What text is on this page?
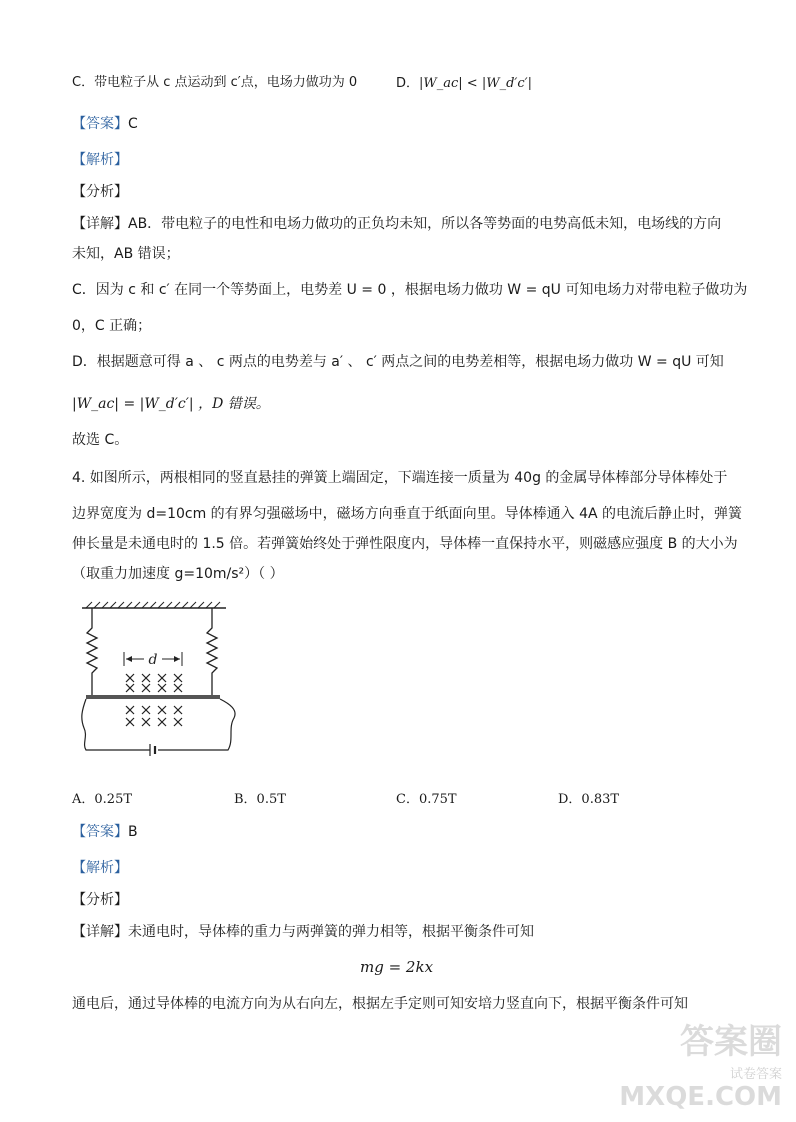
C．带电粒子从 c 点运动到 c′点，电场力做功为 0	D．|W_ac| < |W_d′c′|
【答案】C
【解析】
【分析】
【详解】AB．带电粒子的电性和电场力做功的正负均未知，所以各等势面的电势高低未知，电场线的方向
未知，AB 错误；
C．因为 c 和 c′ 在同一个等势面上，电势差 U = 0 ，根据电场力做功 W = qU 可知电场力对带电粒子做功为
0，C 正确；
D．根据题意可得 a 、 c 两点的电势差与 a′ 、 c′ 两点之间的电势差相等，根据电场力做功 W = qU 可知
|W_ac| = |W_d′c′| ，D 错误。
故选 C。
4. 如图所示，两根相同的竖直悬挂的弹簧上端固定，下端连接一质量为 40g 的金属导体棒部分导体棒处于
边界宽度为 d=10cm 的有界匀强磁场中，磁场方向垂直于纸面向里。导体棒通入 4A 的电流后静止时，弹簧
伸长量是未通电时的 1.5 倍。若弹簧始终处于弹性限度内，导体棒一直保持水平，则磁感应强度 B 的大小为
（取重力加速度 g=10m/s²）（ ）
d
A．0.25T	B．0.5T	C．0.75T	D．0.83T
【答案】B
【解析】
【分析】
【详解】未通电时，导体棒的重力与两弹簧的弹力相等，根据平衡条件可知
mg = 2kx
通电后，通过导体棒的电流方向为从右向左，根据左手定则可知安培力竖直向下，根据平衡条件可知
答案圈
试卷答案
MXQE.COM
